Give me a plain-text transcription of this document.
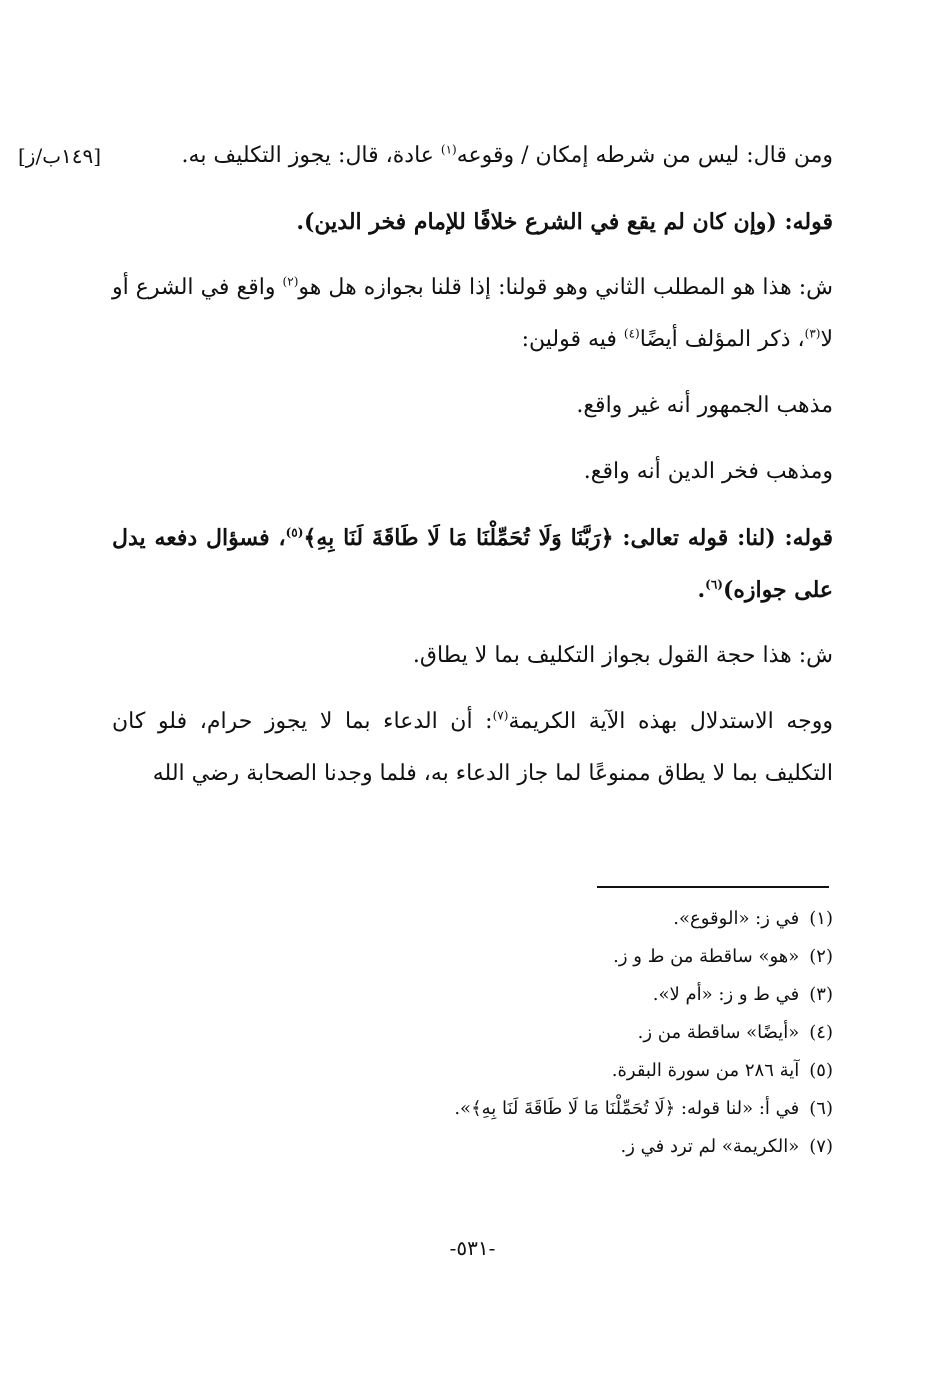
[١٤٩ب/ز]	ومن قال: ليس من شرطه إمكان / وقوعه$^{(١)}$ عادة، قال: يجوز التكليف به.

قوله: (وإن كان لم يقع في الشرع خلافًا للإمام فخر الدين).

ش: هذا هو المطلب الثاني وهو قولنا: إذا قلنا بجوازه هل هو$^{(٢)}$ واقع في الشرع أو لا$^{(٣)}$، ذكر المؤلف أيضًا$^{(٤)}$ فيه قولين:

مذهب الجمهور أنه غير واقع.

ومذهب فخر الدين أنه واقع.

قوله: (لنا: قوله تعالى: ﴿رَبَّنَا وَلَا تُحَمِّلْنَا مَا لَا طَاقَةَ لَنَا بِهِ﴾$^{(٥)}$، فسؤال دفعه يدل على جوازه)$^{(٦)}$.

ش: هذا حجة القول بجواز التكليف بما لا يطاق.

ووجه الاستدلال بهذه الآية الكريمة$^{(٧)}$: أن الدعاء بما لا يجوز حرام، فلو كان التكليف بما لا يطاق ممنوعًا لما جاز الدعاء به، فلما وجدنا الصحابة رضي الله

(١)
في ز: «الوقوع».
(٢)
«هو» ساقطة من ط و ز.
(٣)
في ط و ز: «أم لا».
(٤)
«أيضًا» ساقطة من ز.
(٥)
آية ٢٨٦ من سورة البقرة.
(٦)
في أ: «لنا قوله: ﴿لَا تُحَمِّلْنَا مَا لَا طَاقَةَ لَنَا بِهِ﴾».
(٧)
«الكريمة» لم ترد في ز.
-٥٣١-
